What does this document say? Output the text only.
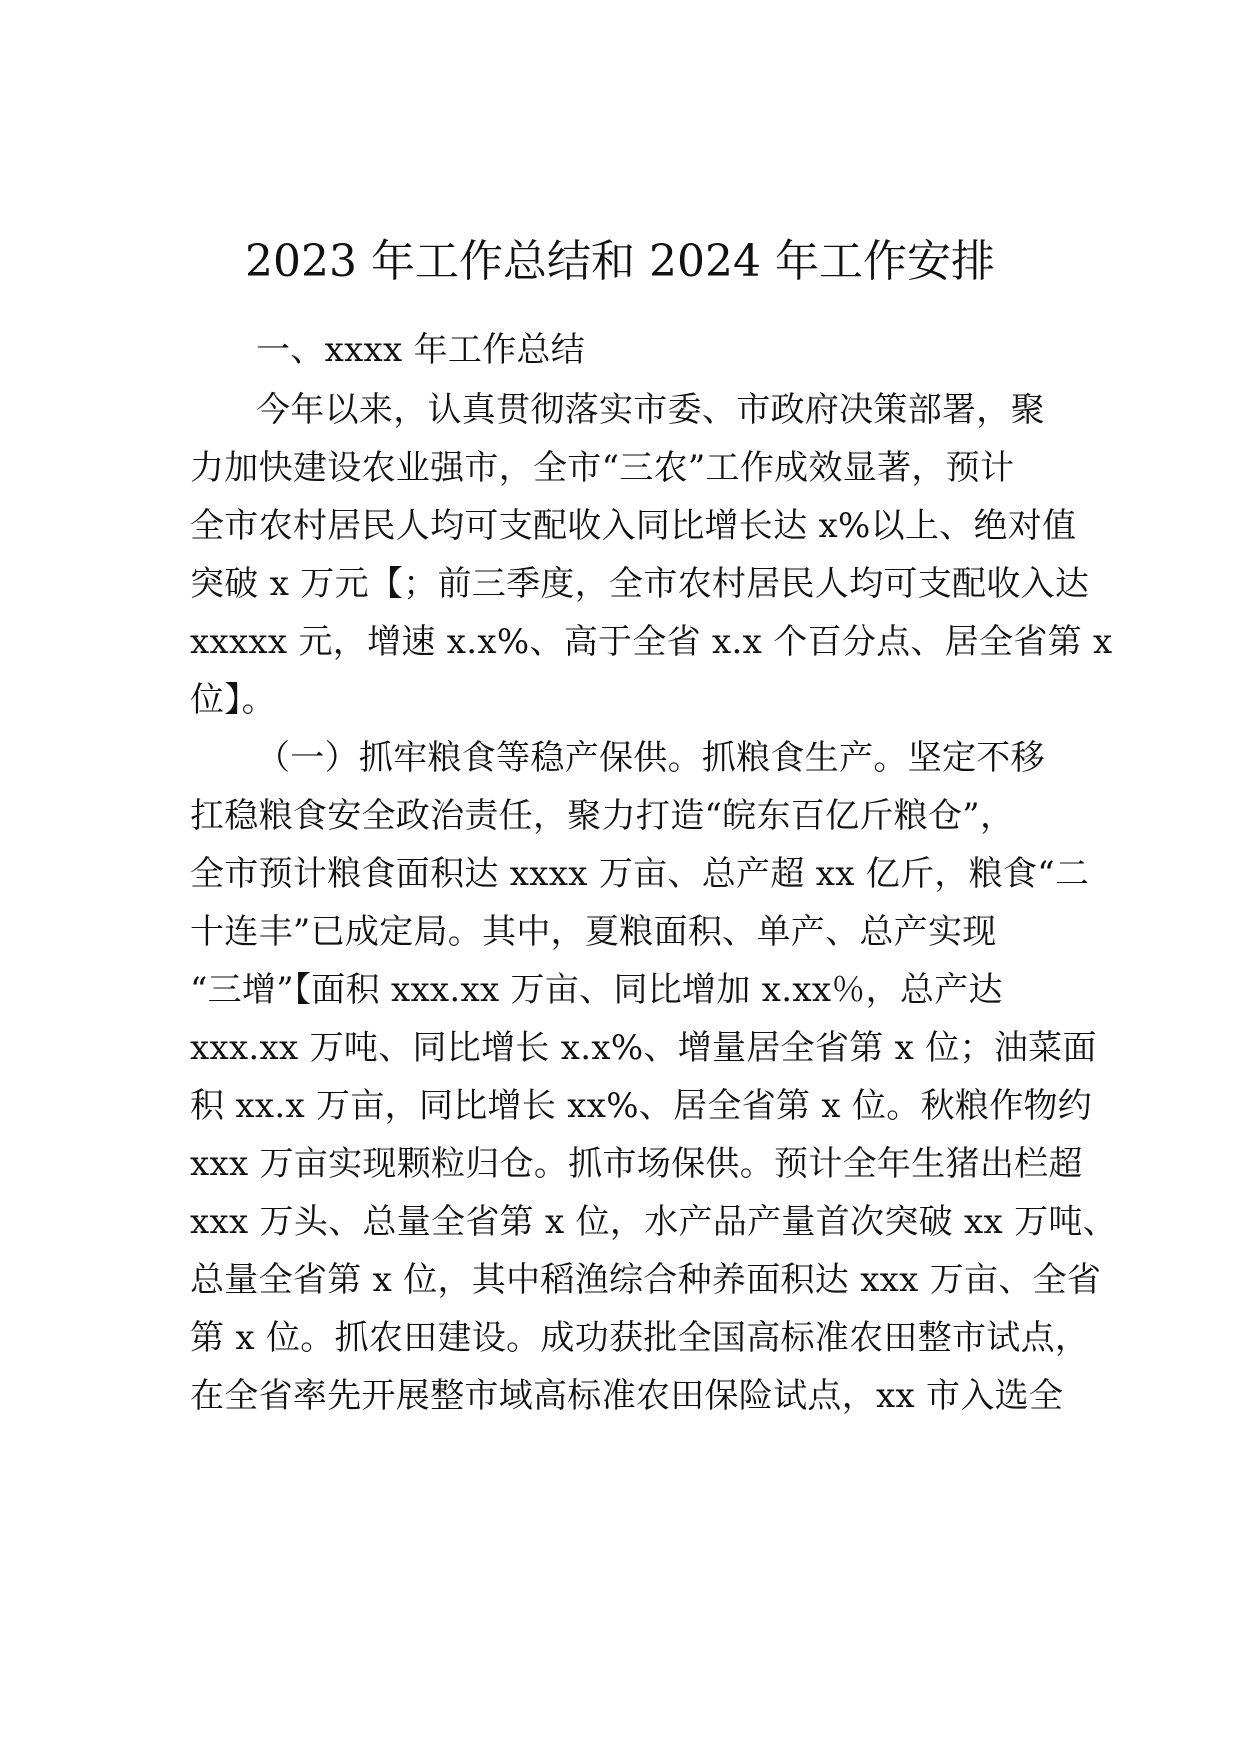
2023 年工作总结和 2024 年工作安排
一、xxxx 年工作总结
今年以来，认真贯彻落实市委、市政府决策部署，聚
力加快建设农业强市，全市“三农”工作成效显著，预计
全市农村居民人均可支配收入同比增长达 x%以上、绝对值
突破 x 万元【；前三季度，全市农村居民人均可支配收入达
xxxxx 元，增速 x.x%、高于全省 x.x 个百分点、居全省第 x
位】。
（一）抓牢粮食等稳产保供。抓粮食生产。坚定不移
扛稳粮食安全政治责任，聚力打造“皖东百亿斤粮仓”，
全市预计粮食面积达 xxxx 万亩、总产超 xx 亿斤，粮食“二
十连丰”已成定局。其中，夏粮面积、单产、总产实现
“三增”【面积 xxx.xx 万亩、同比增加 x.xx％，总产达
xxx.xx 万吨、同比增长 x.x%、增量居全省第 x 位；油菜面
积 xx.x 万亩，同比增长 xx%、居全省第 x 位。秋粮作物约
xxx 万亩实现颗粒归仓。抓市场保供。预计全年生猪出栏超
xxx 万头、总量全省第 x 位，水产品产量首次突破 xx 万吨、
总量全省第 x 位，其中稻渔综合种养面积达 xxx 万亩、全省
第 x 位。抓农田建设。成功获批全国高标准农田整市试点，
在全省率先开展整市域高标准农田保险试点，xx 市入选全
